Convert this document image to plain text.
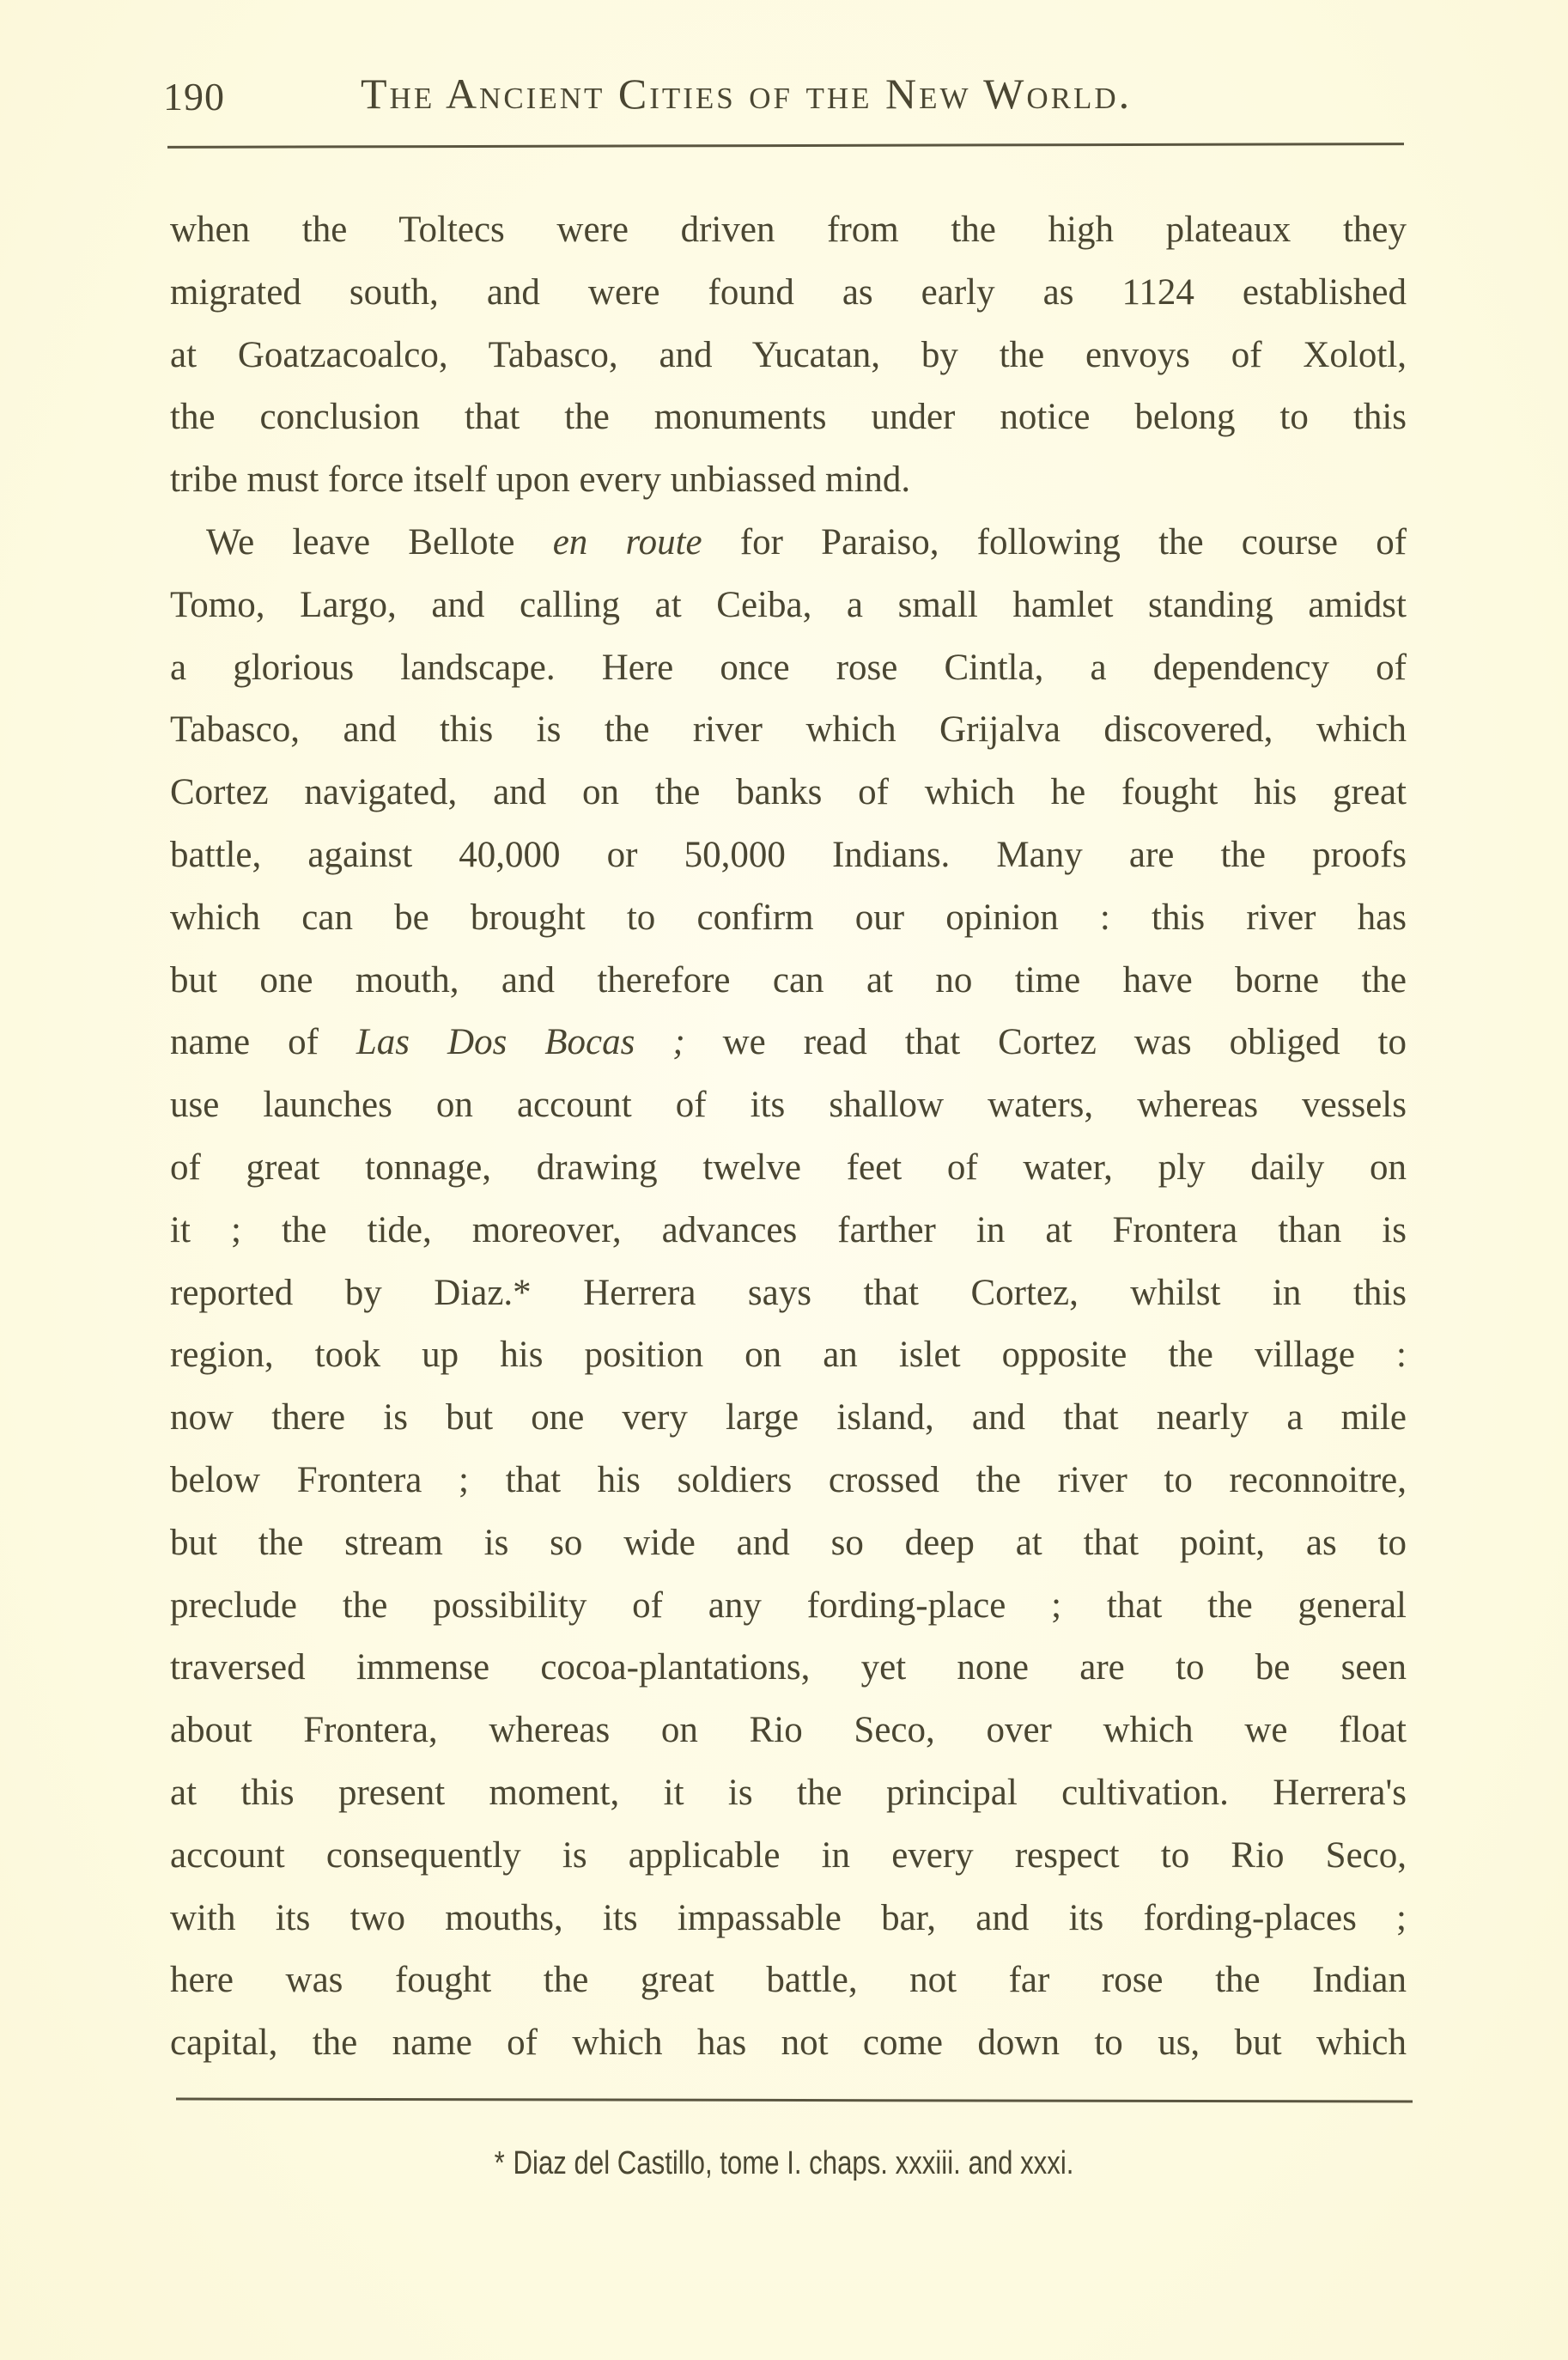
190	The Ancient Cities of the New World.
when the Toltecs were driven from the high plateaux they
migrated south, and were found as early as 1124 established
at Goatzacoalco, Tabasco, and Yucatan, by the envoys of Xolotl,
the conclusion that the monuments under notice belong to this
tribe must force itself upon every unbiassed mind.
We leave Bellote en route for Paraiso, following the course of
Tomo, Largo, and calling at Ceiba, a small hamlet standing amidst
a glorious landscape. Here once rose Cintla, a dependency of
Tabasco, and this is the river which Grijalva discovered, which
Cortez navigated, and on the banks of which he fought his great
battle, against 40,000 or 50,000 Indians. Many are the proofs
which can be brought to confirm our opinion : this river has
but one mouth, and therefore can at no time have borne the
name of Las Dos Bocas ; we read that Cortez was obliged to
use launches on account of its shallow waters, whereas vessels
of great tonnage, drawing twelve feet of water, ply daily on
it ; the tide, moreover, advances farther in at Frontera than is
reported by Diaz.* Herrera says that Cortez, whilst in this
region, took up his position on an islet opposite the village :
now there is but one very large island, and that nearly a mile
below Frontera ; that his soldiers crossed the river to reconnoitre,
but the stream is so wide and so deep at that point, as to
preclude the possibility of any fording-place ; that the general
traversed immense cocoa-plantations, yet none are to be seen
about Frontera, whereas on Rio Seco, over which we float
at this present moment, it is the principal cultivation. Herrera's
account consequently is applicable in every respect to Rio Seco,
with its two mouths, its impassable bar, and its fording-places ;
here was fought the great battle, not far rose the Indian
capital, the name of which has not come down to us, but which
* Diaz del Castillo, tome I. chaps. xxxiii. and xxxi.
